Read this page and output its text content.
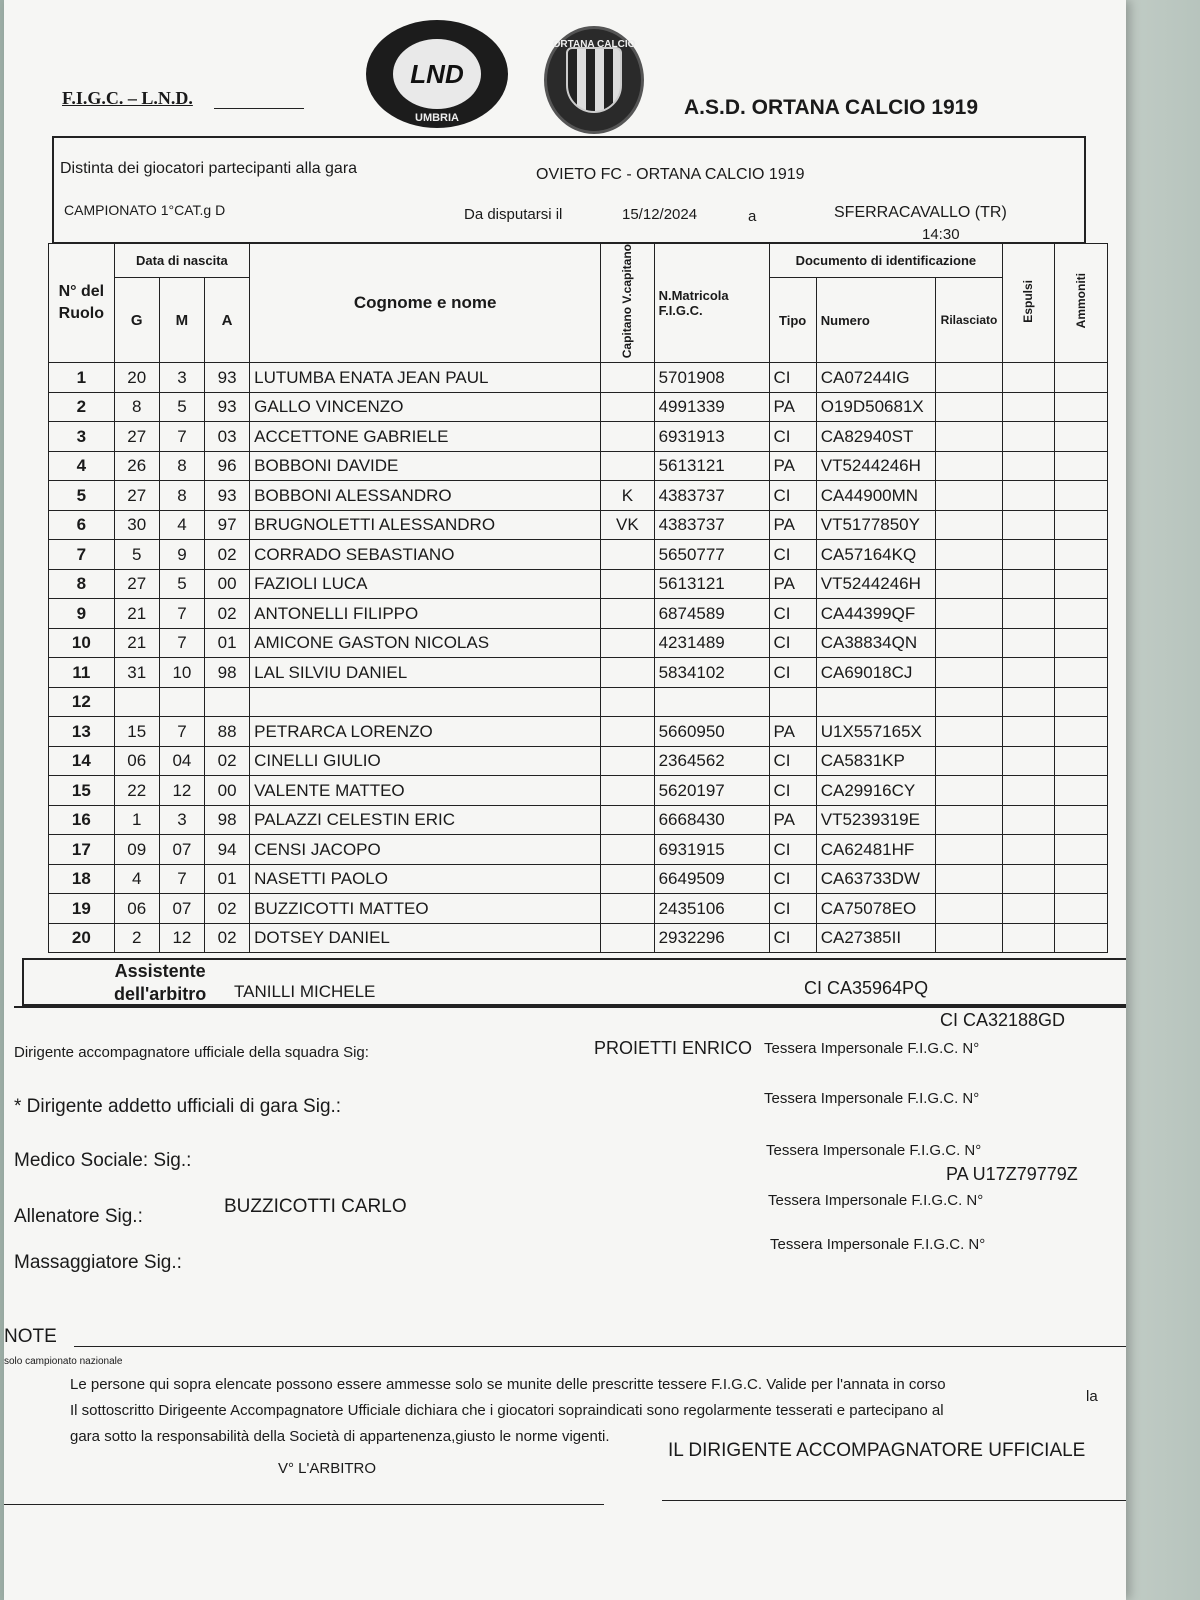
F.I.G.C. – L.N.D.
LND
UMBRIA
ORTANA CALCIO
A.S.D. ORTANA CALCIO 1919
Distinta dei giocatori partecipanti alla gara	OVIETO FC - ORTANA CALCIO 1919
CAMPIONATO 1°CAT.g D	Da disputarsi il	15/12/2024	a	SFERRACAVALLO (TR)
14:30
N° del Ruolo	Data di nascita			Cognome e nome	Capitano V.capitano	N.Matricola F.I.G.C.	Documento di identificazione			Espulsi	Ammoniti
	G	M	A				Tipo	Numero	Rilasciato		
1	20	3	93	LUTUMBA ENATA JEAN PAUL		5701908	CI	CA07244IG			
2	8	5	93	GALLO VINCENZO		4991339	PA	O19D50681X			
3	27	7	03	ACCETTONE GABRIELE		6931913	CI	CA82940ST			
4	26	8	96	BOBBONI DAVIDE		5613121	PA	VT5244246H			
5	27	8	93	BOBBONI ALESSANDRO	K	4383737	CI	CA44900MN			
6	30	4	97	BRUGNOLETTI ALESSANDRO	VK	4383737	PA	VT5177850Y			
7	5	9	02	CORRADO SEBASTIANO		5650777	CI	CA57164KQ			
8	27	5	00	FAZIOLI LUCA		5613121	PA	VT5244246H			
9	21	7	02	ANTONELLI FILIPPO		6874589	CI	CA44399QF			
10	21	7	01	AMICONE GASTON NICOLAS		4231489	CI	CA38834QN			
11	31	10	98	LAL SILVIU DANIEL		5834102	CI	CA69018CJ			
12											
13	15	7	88	PETRARCA LORENZO		5660950	PA	U1X557165X			
14	06	04	02	CINELLI GIULIO		2364562	CI	CA5831KP			
15	22	12	00	VALENTE MATTEO		5620197	CI	CA29916CY			
16	1	3	98	PALAZZI CELESTIN ERIC		6668430	PA	VT5239319E			
17	09	07	94	CENSI JACOPO		6931915	CI	CA62481HF			
18	4	7	01	NASETTI PAOLO		6649509	CI	CA63733DW			
19	06	07	02	BUZZICOTTI MATTEO		2435106	CI	CA75078EO			
20	2	12	02	DOTSEY DANIEL		2932296	CI	CA27385II			
Assistente
dell'arbitro TANILLI MICHELE	CI CA35964PQ
CI CA32188GD
Dirigente accompagnatore ufficiale della squadra Sig:	PROIETTI ENRICO Tessera Impersonale F.I.G.C. N°
* Dirigente addetto ufficiali di gara Sig.:	Tessera Impersonale F.I.G.C. N°
Medico Sociale: Sig.:	Tessera Impersonale F.I.G.C. N°
PA U17Z79779Z
Allenatore Sig.:	BUZZICOTTI CARLO	Tessera Impersonale F.I.G.C. N°
Massaggiatore Sig.:
Tessera Impersonale F.I.G.C. N°
NOTE
solo campionato nazionale
Le persone qui sopra elencate possono essere ammesse solo se munite delle prescritte tessere F.I.G.C. Valide per l'annata in corso
Il sottoscritto Dirigеente Accompagnatore Ufficiale dichiara che i giocatori sopraindicati sono regolarmente tesserati e partecipano al
la
gara sotto la responsabilità della Società di appartenenza,giusto le norme vigenti.
V° L'ARBITRO
IL DIRIGENTE ACCOMPAGNATORE UFFICIALE
